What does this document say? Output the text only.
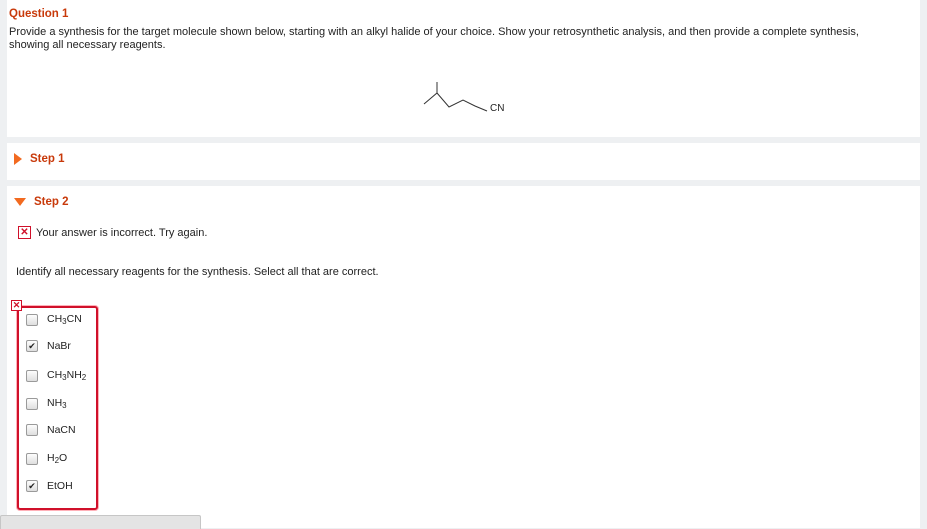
Question 1
Provide a synthesis for the target molecule shown below, starting with an alkyl halide of your choice. Show your retrosynthetic analysis, and then provide a complete synthesis, showing all necessary reagents.
CN
Step 1
Step 2
✕ Your answer is incorrect. Try again.
Identify all necessary reagents for the synthesis. Select all that are correct.
✕
$CH_3CN$
✔ NaBr
$CH_3NH_2$
$NH_3$
NaCN
$H_2O$
✔ EtOH
